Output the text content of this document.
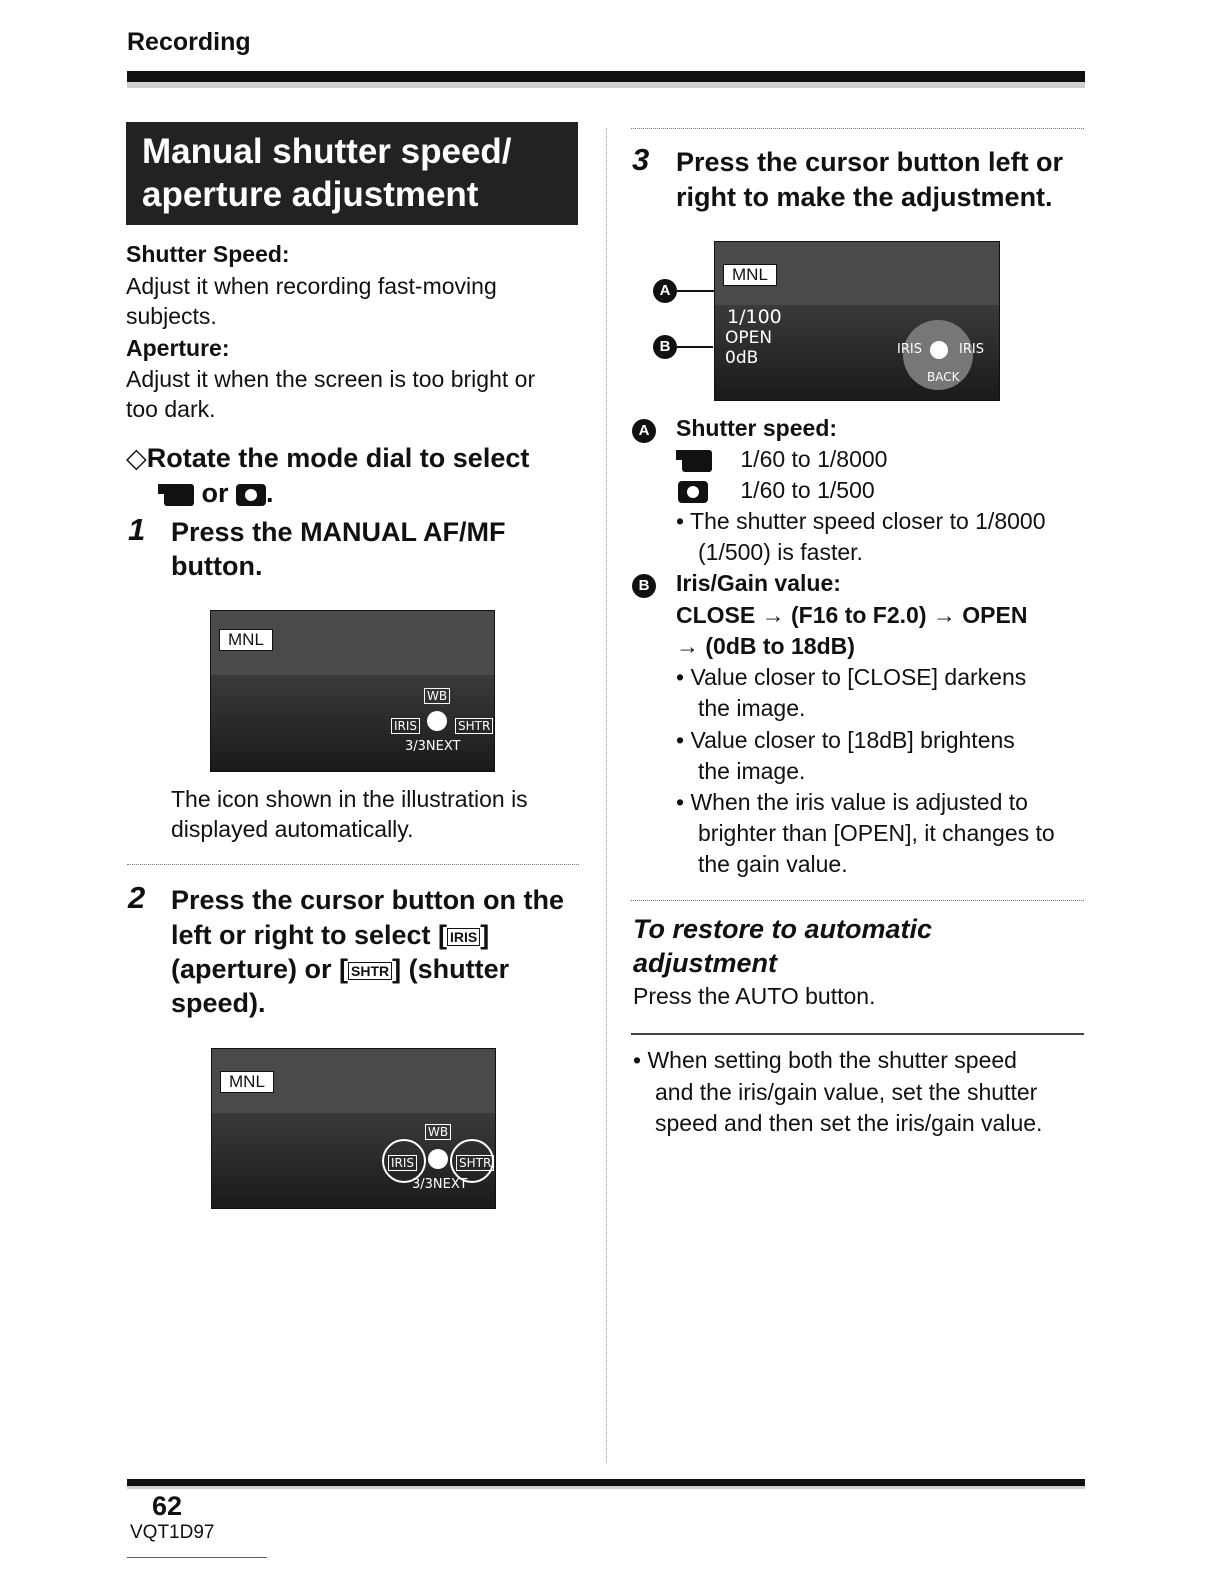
Recording
Manual shutter speed/
aperture adjustment
Shutter Speed:
Adjust it when recording fast-moving
subjects.
Aperture:
Adjust it when the screen is too bright or
too dark.
◇Rotate the mode dial to select
or .
1 Press the MANUAL AF/MF
button.
MNL
WB
IRIS	SHTR
3/3NEXT
The icon shown in the illustration is
displayed automatically.
2 Press the cursor button on the
left or right to select [ IRIS ]
(aperture) or [ SHTR ] (shutter
speed).
MNL
WB
IRIS	SHTR
3/3NEXT
3 Press the cursor button left or
right to make the adjustment.
A
B
MNL
1/100
OPEN
0dB	IRIS	IRIS
BACK
A Shutter speed:
1/60 to 1/8000
1/60 to 1/500
• The shutter speed closer to 1/8000
(1/500) is faster.
B Iris/Gain value:
CLOSE → (F16 to F2.0) → OPEN
→ (0dB to 18dB)
• Value closer to [CLOSE] darkens
the image.
• Value closer to [18dB] brightens
the image.
• When the iris value is adjusted to
brighter than [OPEN], it changes to
the gain value.
To restore to automatic
adjustment
Press the AUTO button.
• When setting both the shutter speed
and the iris/gain value, set the shutter
speed and then set the iris/gain value.
62
VQT1D97
